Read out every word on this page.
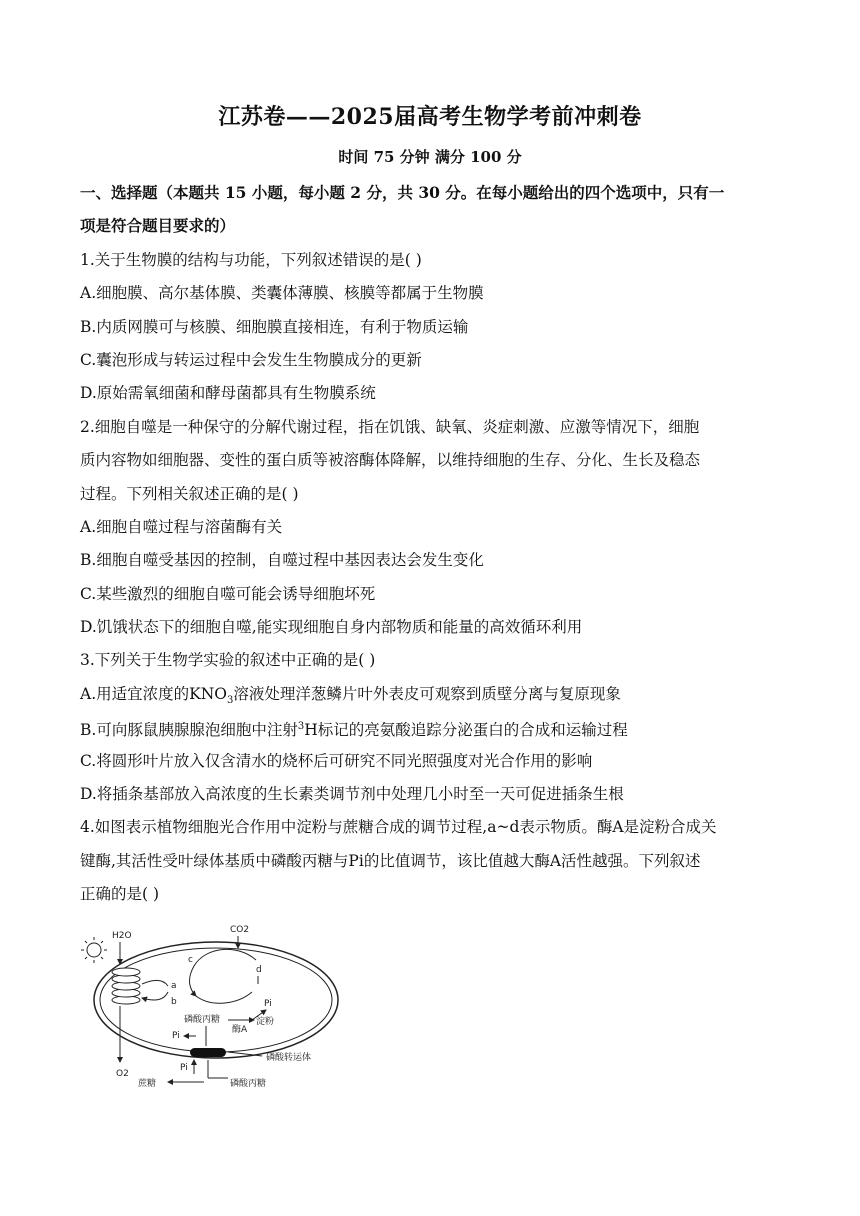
江苏卷——2025届高考生物学考前冲刺卷
时间 75 分钟 满分 100 分
一、选择题（本题共 15 小题，每小题 2 分，共 30 分。在每小题给出的四个选项中，只有一
项是符合题目要求的）
1.关于生物膜的结构与功能，下列叙述错误的是( )
A.细胞膜、高尔基体膜、类囊体薄膜、核膜等都属于生物膜
B.内质网膜可与核膜、细胞膜直接相连，有利于物质运输
C.囊泡形成与转运过程中会发生生物膜成分的更新
D.原始需氧细菌和酵母菌都具有生物膜系统
2.细胞自噬是一种保守的分解代谢过程，指在饥饿、缺氧、炎症刺激、应激等情况下，细胞
质内容物如细胞器、变性的蛋白质等被溶酶体降解，以维持细胞的生存、分化、生长及稳态
过程。下列相关叙述正确的是( )
A.细胞自噬过程与溶菌酶有关
B.细胞自噬受基因的控制，自噬过程中基因表达会发生变化
C.某些激烈的细胞自噬可能会诱导细胞坏死
D.饥饿状态下的细胞自噬,能实现细胞自身内部物质和能量的高效循环利用
3.下列关于生物学实验的叙述中正确的是( )
A.用适宜浓度的$KNO_3$溶液处理洋葱鳞片叶外表皮可观察到质壁分离与复原现象
B.可向豚鼠胰腺腺泡细胞中注射$^3$H标记的亮氨酸追踪分泌蛋白的合成和运输过程
C.将圆形叶片放入仅含清水的烧杯后可研究不同光照强度对光合作用的影响
D.将插条基部放入高浓度的生长素类调节剂中处理几小时至一天可促进插条生根
4.如图表示植物细胞光合作用中淀粉与蔗糖合成的调节过程,a~d表示物质。酶A是淀粉合成关
键酶,其活性受叶绿体基质中磷酸丙糖与Pi的比值调节，该比值越大酶A活性越强。下列叙述
正确的是( )
H2O
O2
a
b
CO2
c
d
Pi
磷酸丙糖	淀粉
酶A
Pi
磷酸转运体
Pi
蔗糖	磷酸丙糖
